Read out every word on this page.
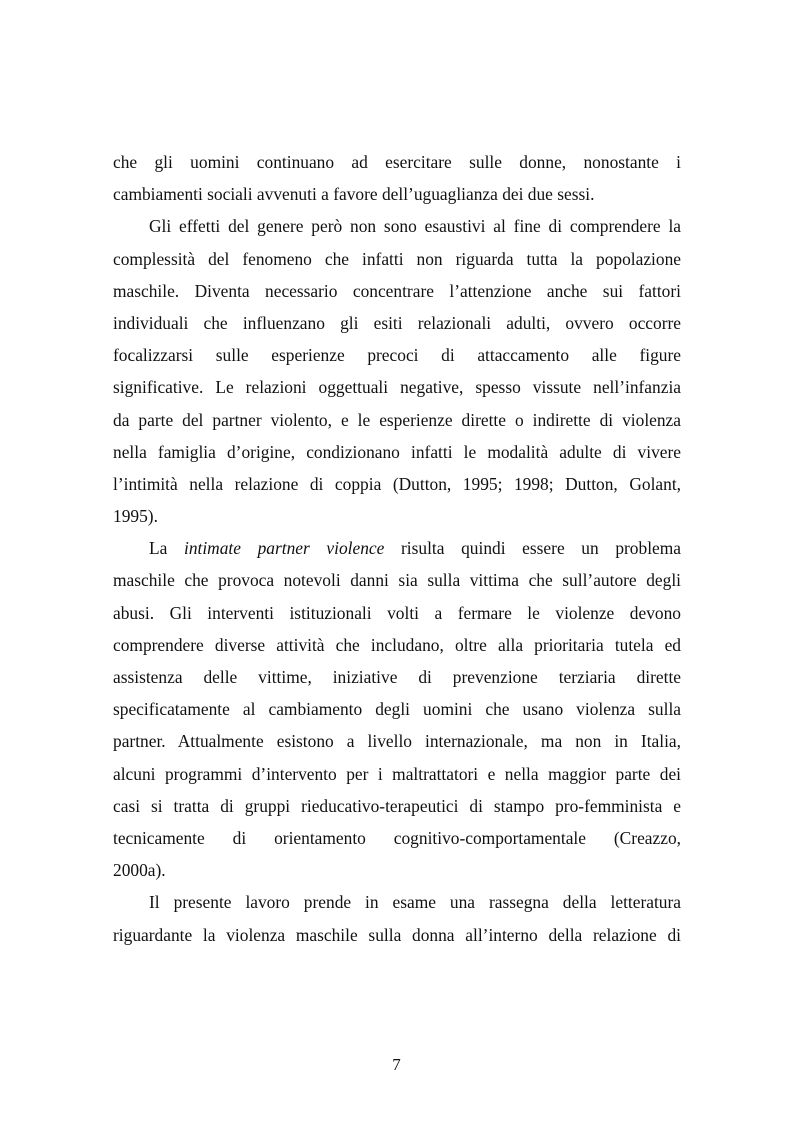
che gli uomini continuano ad esercitare sulle donne, nonostante i
cambiamenti sociali avvenuti a favore dell’uguaglianza dei due sessi.
Gli effetti del genere però non sono esaustivi al fine di comprendere la
complessità del fenomeno che infatti non riguarda tutta la popolazione
maschile. Diventa necessario concentrare l’attenzione anche sui fattori
individuali che influenzano gli esiti relazionali adulti, ovvero occorre
focalizzarsi sulle esperienze precoci di attaccamento alle figure
significative. Le relazioni oggettuali negative, spesso vissute nell’infanzia
da parte del partner violento, e le esperienze dirette o indirette di violenza
nella famiglia d’origine, condizionano infatti le modalità adulte di vivere
l’intimità nella relazione di coppia (Dutton, 1995; 1998; Dutton, Golant,
1995).
La intimate partner violence risulta quindi essere un problema
maschile che provoca notevoli danni sia sulla vittima che sull’autore degli
abusi. Gli interventi istituzionali volti a fermare le violenze devono
comprendere diverse attività che includano, oltre alla prioritaria tutela ed
assistenza delle vittime, iniziative di prevenzione terziaria dirette
specificatamente al cambiamento degli uomini che usano violenza sulla
partner. Attualmente esistono a livello internazionale, ma non in Italia,
alcuni programmi d’intervento per i maltrattatori e nella maggior parte dei
casi si tratta di gruppi rieducativo-terapeutici di stampo pro-femminista e
tecnicamente di orientamento cognitivo-comportamentale (Creazzo,
2000a).
Il presente lavoro prende in esame una rassegna della letteratura
riguardante la violenza maschile sulla donna all’interno della relazione di
7
